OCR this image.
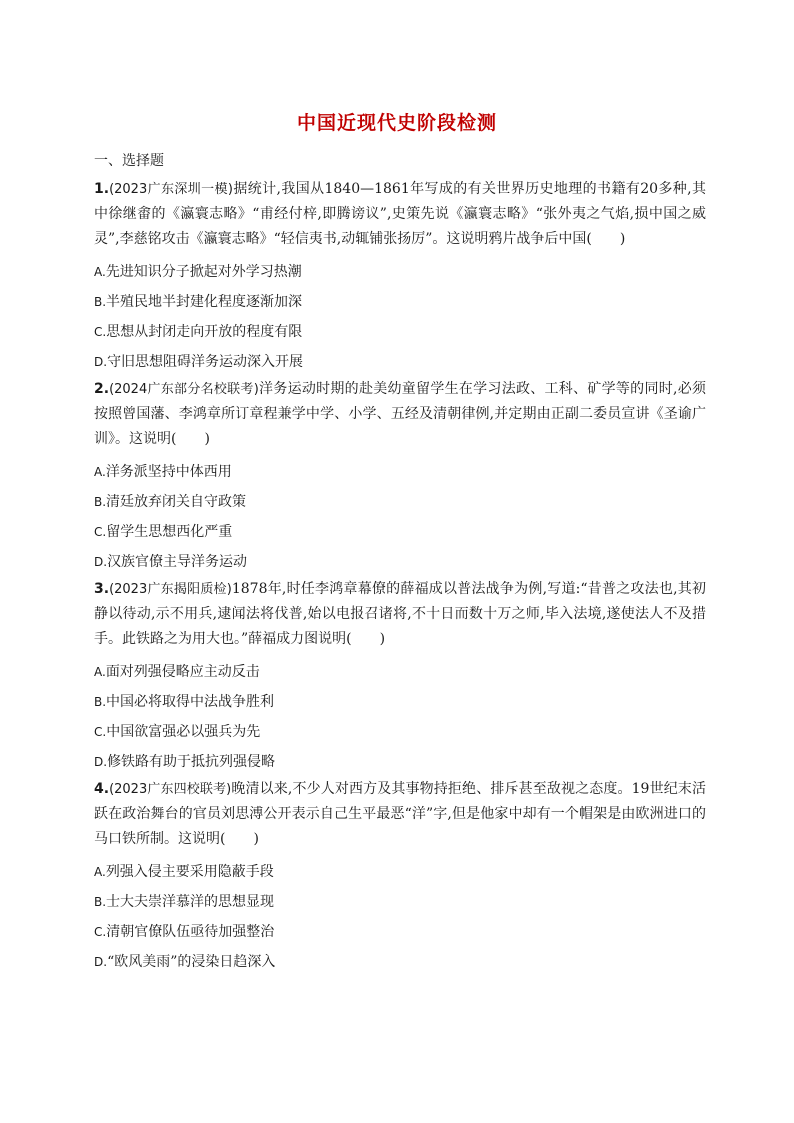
中国近现代史阶段检测
一、选择题
1.(2023广东深圳一模)据统计,我国从1840—1861年写成的有关世界历史地理的书籍有20多种,其中徐继畬的《瀛寰志略》“甫经付梓,即腾谤议”,史策先说《瀛寰志略》“张外夷之气焰,损中国之威灵”,李慈铭攻击《瀛寰志略》“轻信夷书,动辄铺张扬厉”。这说明鸦片战争后中国(　　)
A.先进知识分子掀起对外学习热潮
B.半殖民地半封建化程度逐渐加深
C.思想从封闭走向开放的程度有限
D.守旧思想阻碍洋务运动深入开展
2.(2024广东部分名校联考)洋务运动时期的赴美幼童留学生在学习法政、工科、矿学等的同时,必须按照曾国藩、李鸿章所订章程兼学中学、小学、五经及清朝律例,并定期由正副二委员宣讲《圣谕广训》。这说明(　　)
A.洋务派坚持中体西用
B.清廷放弃闭关自守政策
C.留学生思想西化严重
D.汉族官僚主导洋务运动
3.(2023广东揭阳质检)1878年,时任李鸿章幕僚的薛福成以普法战争为例,写道:“昔普之攻法也,其初静以待动,示不用兵,逮闻法将伐普,始以电报召诸将,不十日而数十万之师,毕入法境,遂使法人不及措手。此铁路之为用大也。”薛福成力图说明(　　)
A.面对列强侵略应主动反击
B.中国必将取得中法战争胜利
C.中国欲富强必以强兵为先
D.修铁路有助于抵抗列强侵略
4.(2023广东四校联考)晚清以来,不少人对西方及其事物持拒绝、排斥甚至敌视之态度。19世纪末活跃在政治舞台的官员刘思溥公开表示自己生平最恶“洋”字,但是他家中却有一个帽架是由欧洲进口的马口铁所制。这说明(　　)
A.列强入侵主要采用隐蔽手段
B.士大夫崇洋慕洋的思想显现
C.清朝官僚队伍亟待加强整治
D.“欧风美雨”的浸染日趋深入
